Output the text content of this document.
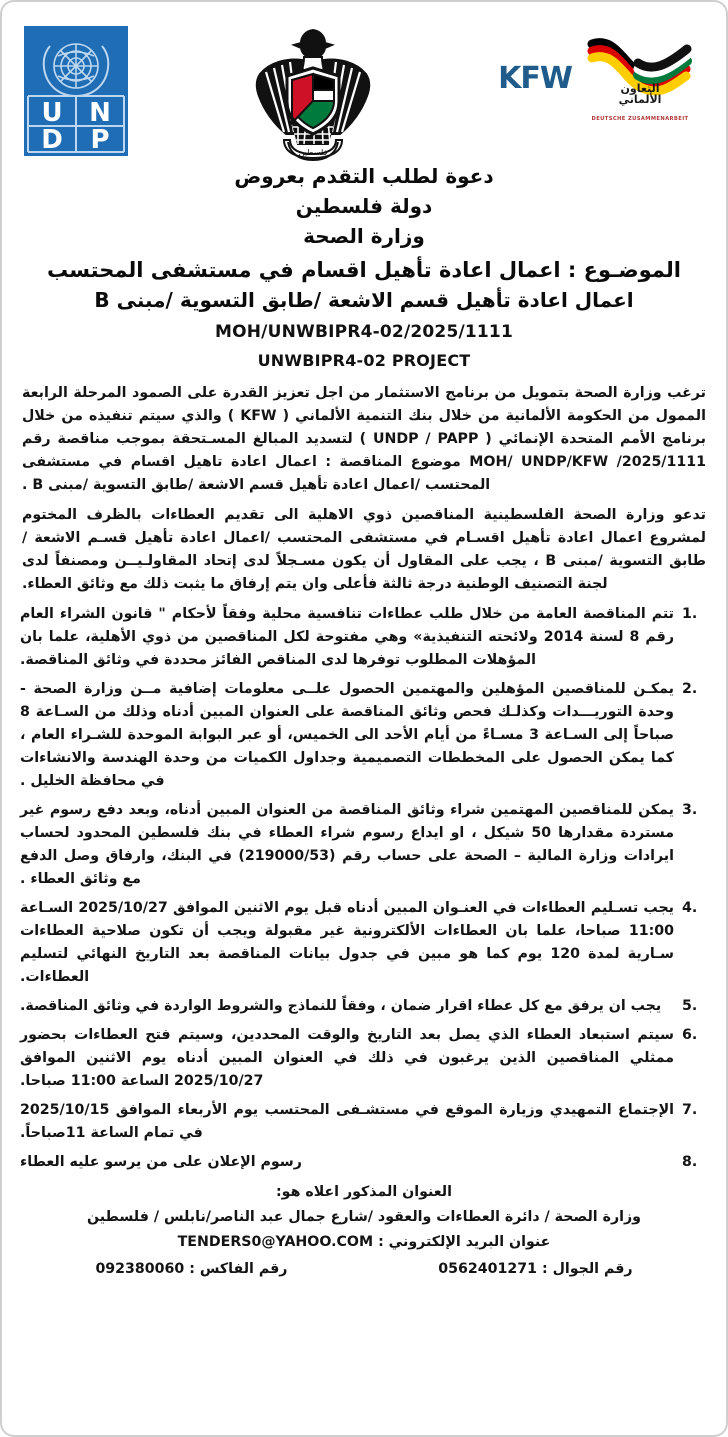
التعاون
الألماني
DEUTSCHE ZUSAMMENARBEIT
KFW
فلسطين
U N
D P
دعوة لطلب التقدم بعروض
دولة فلسطين
وزارة الصحة
الموضـوع : اعمال اعادة تأهيل اقسام في مستشفى المحتسب
اعمال اعادة تأهيل قسم الاشعة /طابق التسوية /مبنى B
MOH/UNWBIPR4-02/2025/1111
UNWBIPR4-02 PROJECT

ترغب وزارة الصحة بتمويل من برنامج الاستثمار من اجل تعزيز القدرة على الصمود المرحلة الرابعة الممول من الحكومة الألمانية من خلال بنك التنمية الألماني ( KFW ) والذي سيتم تنفيذه من خلال برنامج الأمم المتحدة الإنمائي ( UNDP / PAPP ) لتسديد المبالغ المسـتحقة بموجب مناقصة رقم MOH/ UNDP/KFW /2025/1111 موضوع المناقصة : اعمال اعادة تاهيل اقسام في مستشفى المحتسب /اعمال اعادة تأهيل قسم الاشعة /طابق التسوية /مبنى B .

تدعو وزارة الصحة الفلسطينية المناقصين ذوي الاهلية الى تقديم العطاءات بالظرف المختوم لمشروع اعمال اعادة تأهيل اقسـام في مستشفى المحتسب /اعمال اعادة تأهيل قسـم الاشعة /طابق التسوية /مبنى B ، يجب على المقاول أن يكون مسـجلاً لدى إتحاد المقاولـيــن ومصنفاً لدى لجنة التصنيف الوطنية درجة ثالثة فأعلى وان يتم إرفاق ما يثبت ذلك مع وثائق العطاء.

1.
تتم المناقصة العامة من خلال طلب عطاءات تنافسية محلية وفقاً لأحكام " قانون الشراء العام رقم 8 لسنة 2014 ولائحته التنفيذية» وهي مفتوحة لكل المناقصين من ذوي الأهلية، علما بان المؤهلات المطلوب توفرها لدى المناقص الفائز محددة في وثائق المناقصة.
2.
يمكـن للمناقصين المؤهلين والمهتمين الحصول علــى معلومات إضافية مــن وزارة الصحة - وحدة التوريـــدات وكذلـك فحص وثائق المناقصة على العنوان المبين أدناه وذلك من السـاعة 8 صباحاً إلى السـاعة 3 مسـاءً من أيام الأحد الى الخميس، أو عبر البوابة الموحدة للشـراء العام ، كما يمكن الحصول على المخططات التصميمية وجداول الكميات من وحدة الهندسة والانشاءات في محافظة الخليل .
3.
يمكن للمناقصين المهتمين شراء وثائق المناقصة من العنوان المبين أدناه، وبعد دفع رسوم غير مستردة مقدارها 50 شيكل ، او ايداع رسوم شراء العطاء في بنك فلسطين المحدود لحساب ايرادات وزارة المالية – الصحة على حساب رقم (219000/53) في البنك، وارفاق وصل الدفع مع وثائق العطاء .
4.
يجب تسـليم العطاءات في العنـوان المبين أدناه قبل يوم الاثنين الموافق 2025/10/27 السـاعة 11:00 صباحا، علما بان العطاءات الألكترونية غير مقبولة ويجب أن تكون صلاحية العطاءات سـارية لمدة 120 يوم كما هو مبين في جدول بيانات المناقصة بعد التاريخ النهائي لتسليم العطاءات.
5.
يجب ان يرفق مع كل عطاء اقرار ضمان ، وفقاً للنماذج والشروط الواردة في وثائق المناقصة.
6.
سيتم استبعاد العطاء الذي يصل بعد التاريخ والوقت المحددين، وسيتم فتح العطاءات بحضور ممثلي المناقصين الذين يرغبون في ذلك في العنوان المبين أدناه يوم الاثنين الموافق 2025/10/27 الساعة 11:00 صباحا.
7.
الإجتماع التمهيدي وزيارة الموقع في مستشـفى المحتسب يوم الأربعاء الموافق 2025/10/15 في تمام الساعة 11صباحاً.
8.
رسوم الإعلان على من يرسو عليه العطاء
العنوان المذكور اعلاه هو:
وزارة الصحة / دائرة العطاءات والعقود /شارع جمال عبد الناصر/نابلس / فلسطين
عنوان البريد الإلكتروني : TENDERS0@YAHOO.COM
رقم الجوال : 0562401271
رقم الفاكس : 092380060
